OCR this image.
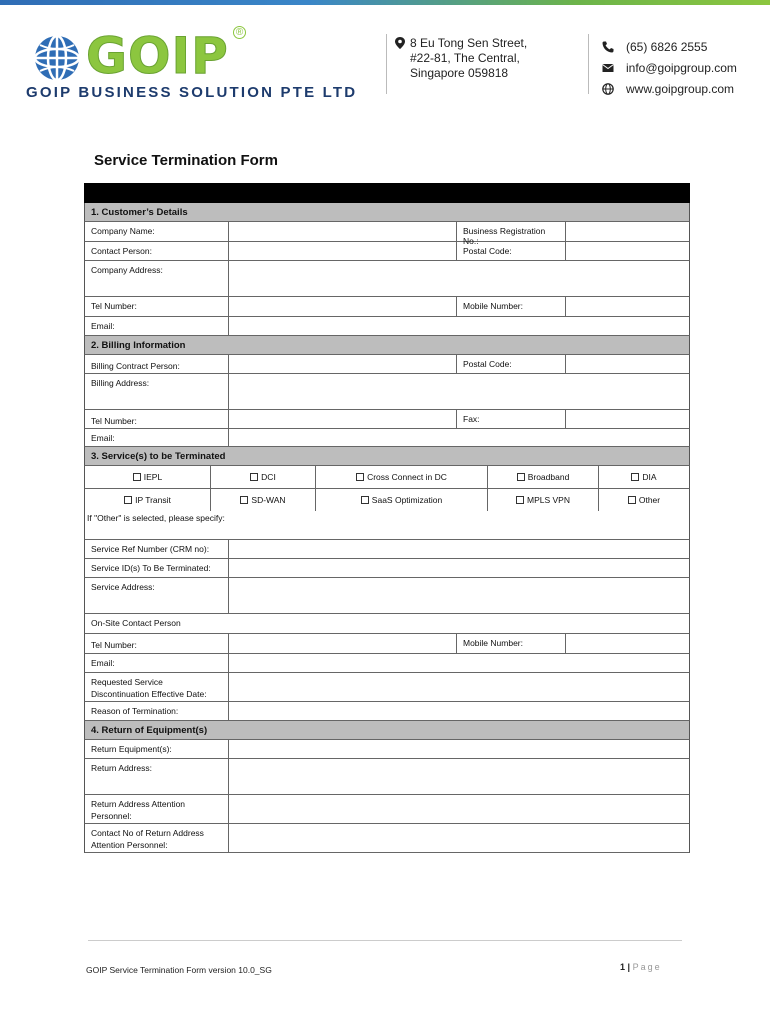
GOIP ®
GOIP BUSINESS SOLUTION PTE LTD
8 Eu Tong Sen Street,
#22-81, The Central,
Singapore 059818
(65) 6826 2555
info@goipgroup.com
www.goipgroup.com
Service Termination Form
1. Customer’s Details
Company Name:	Business Registration No.:
Contact Person:	Postal Code:
Company Address:
Tel Number:	Mobile Number:
Email:
2. Billing Information
Billing Contract Person:	Postal Code:
Billing Address:
Tel Number:	Fax:
Email:
3. Service(s) to be Terminated
IEPL	DCI	Cross Connect in DC	Broadband	DIA
IP Transit	SD-WAN	SaaS Optimization	MPLS VPN	Other
If "Other" is selected, please specify:
Service Ref Number (CRM no):
Service ID(s) To Be Terminated:
Service Address:
On-Site Contact Person
Tel Number:	Mobile Number:
Email:
Requested Service
Discontinuation Effective Date:
Reason of Termination:
4. Return of Equipment(s)
Return Equipment(s):
Return Address:
Return Address Attention
Personnel:
Contact No of Return Address
Attention Personnel:
GOIP Service Termination Form version 10.0_SG	1 | Page
